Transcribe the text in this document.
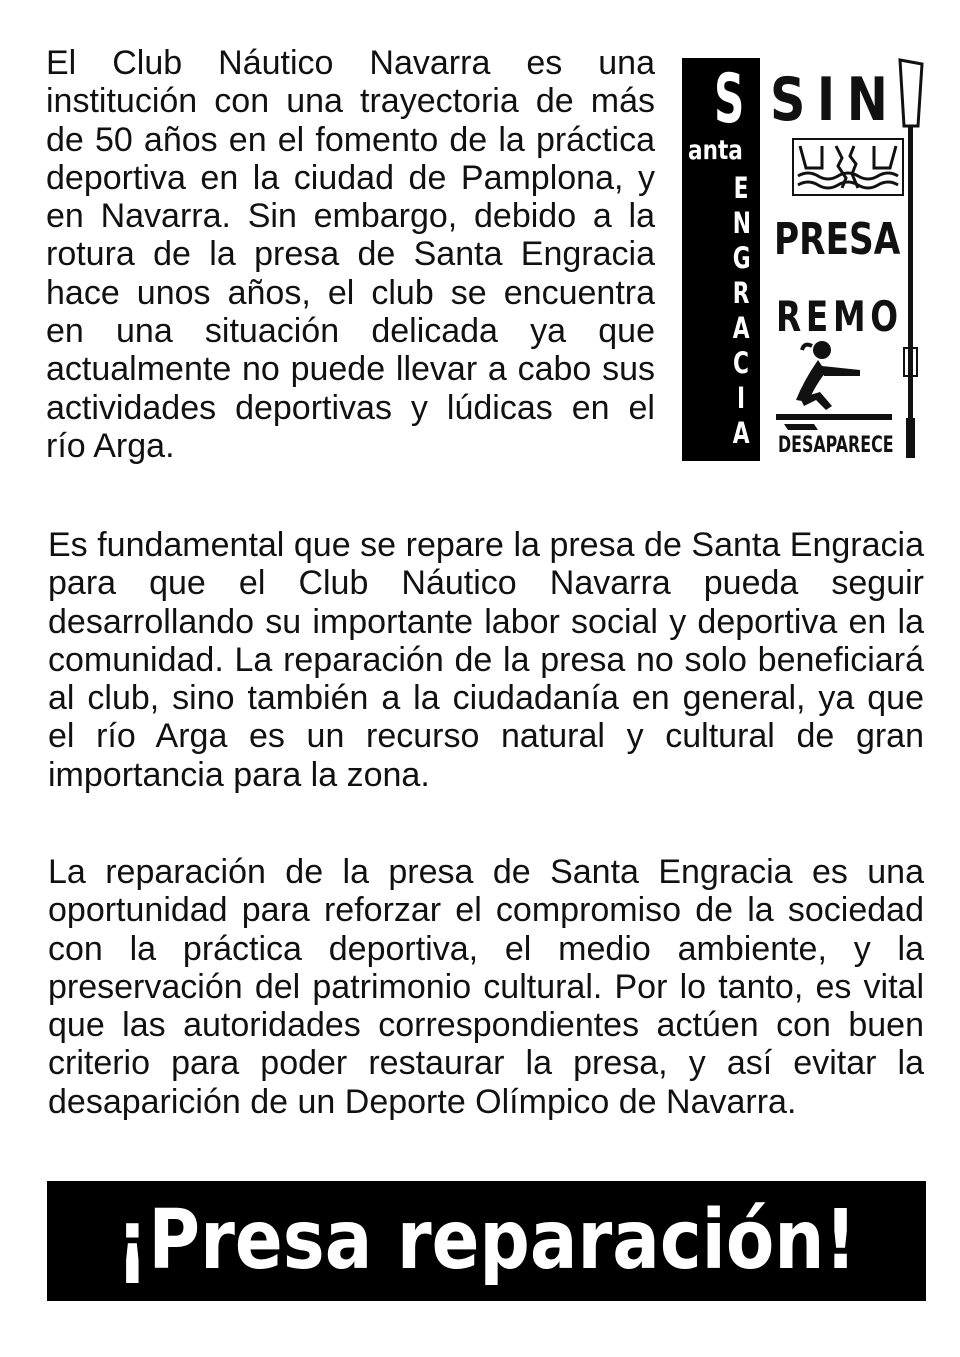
El Club Náutico Navarra es una institución con una trayectoria de más de 50 años en el fomento de la práctica deportiva en la ciudad de Pamplona, y en Navarra. Sin embargo, debido a la rotura de la presa de Santa Engracia hace unos años, el club se encuentra en una situación delicada ya que actualmente no puede llevar a cabo sus actividades deportivas y lúdicas en el río Arga.

S
anta
E
N
G
R
A
C
I
A
SIN
PRESA
REMO
DESAPARECE

Es fundamental que se repare la presa de Santa Engracia para que el Club Náutico Navarra pueda seguir desarrollando su importante labor social y deportiva en la comunidad. La reparación de la presa no solo beneficiará al club, sino también a la ciudadanía en general, ya que el río Arga es un recurso natural y cultural de gran importancia para la zona.

La reparación de la presa de Santa Engracia es una oportunidad para reforzar el compromiso de la sociedad con la práctica deportiva, el medio ambiente, y la preservación del patrimonio cultural. Por lo tanto, es vital que las autoridades correspondientes actúen con buen criterio para poder restaurar la presa, y así evitar la desaparición de un Deporte Olímpico de Navarra.

¡Presa reparación!
